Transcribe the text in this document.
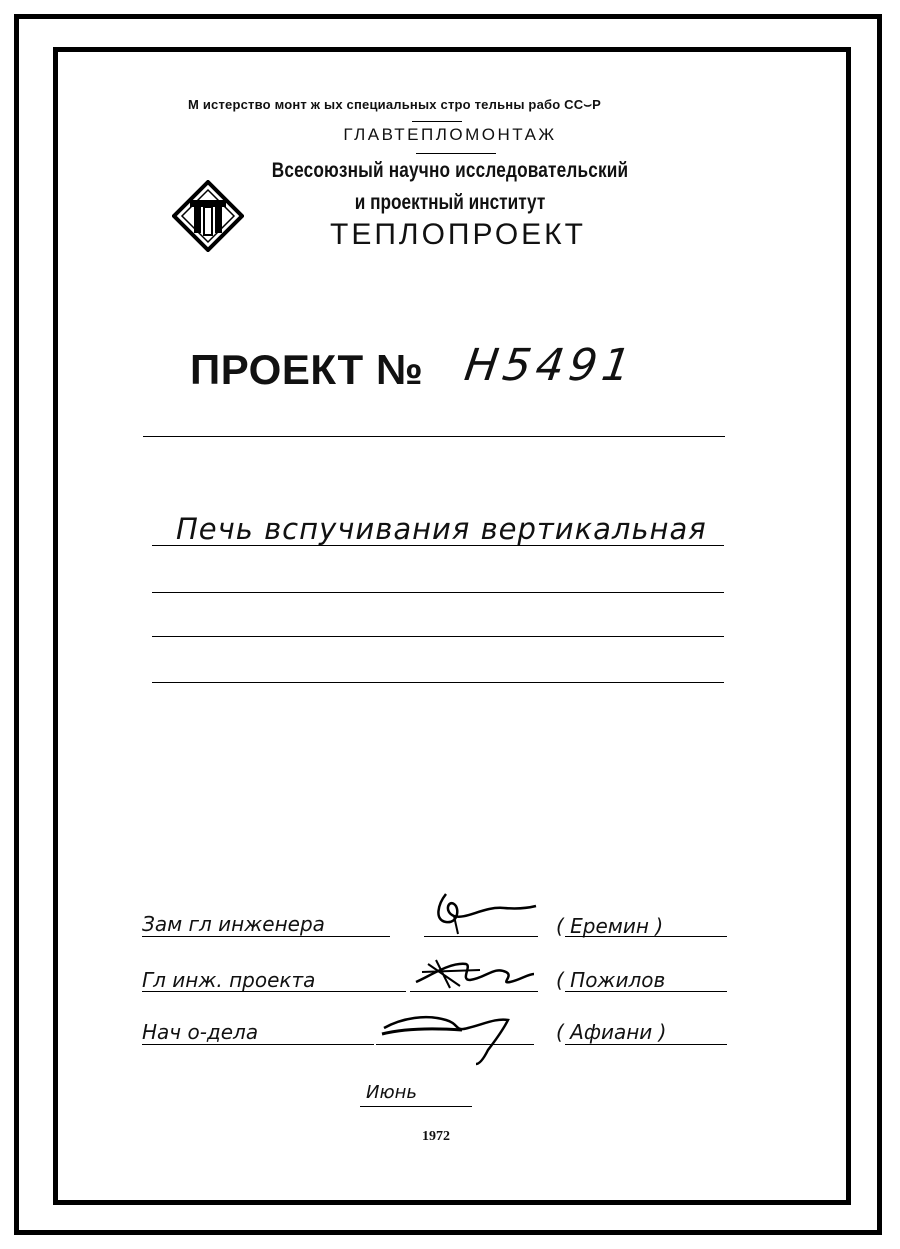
М истерство монт ж ых специальных стро тельны рабо СС⌣Р
ГЛАВТЕПЛОМОНТАЖ
Всесоюзный научно исследовательский
и проектный институт
ТЕПЛОПРОЕКТ
ПРОЕКТ № Н5491
Печь вспучивания вертикальная
Зам гл инженера	( Еремин )
Гл инж. проекта	( Пожилов
Нач о-дела	( Афиани )
Июнь
1972
